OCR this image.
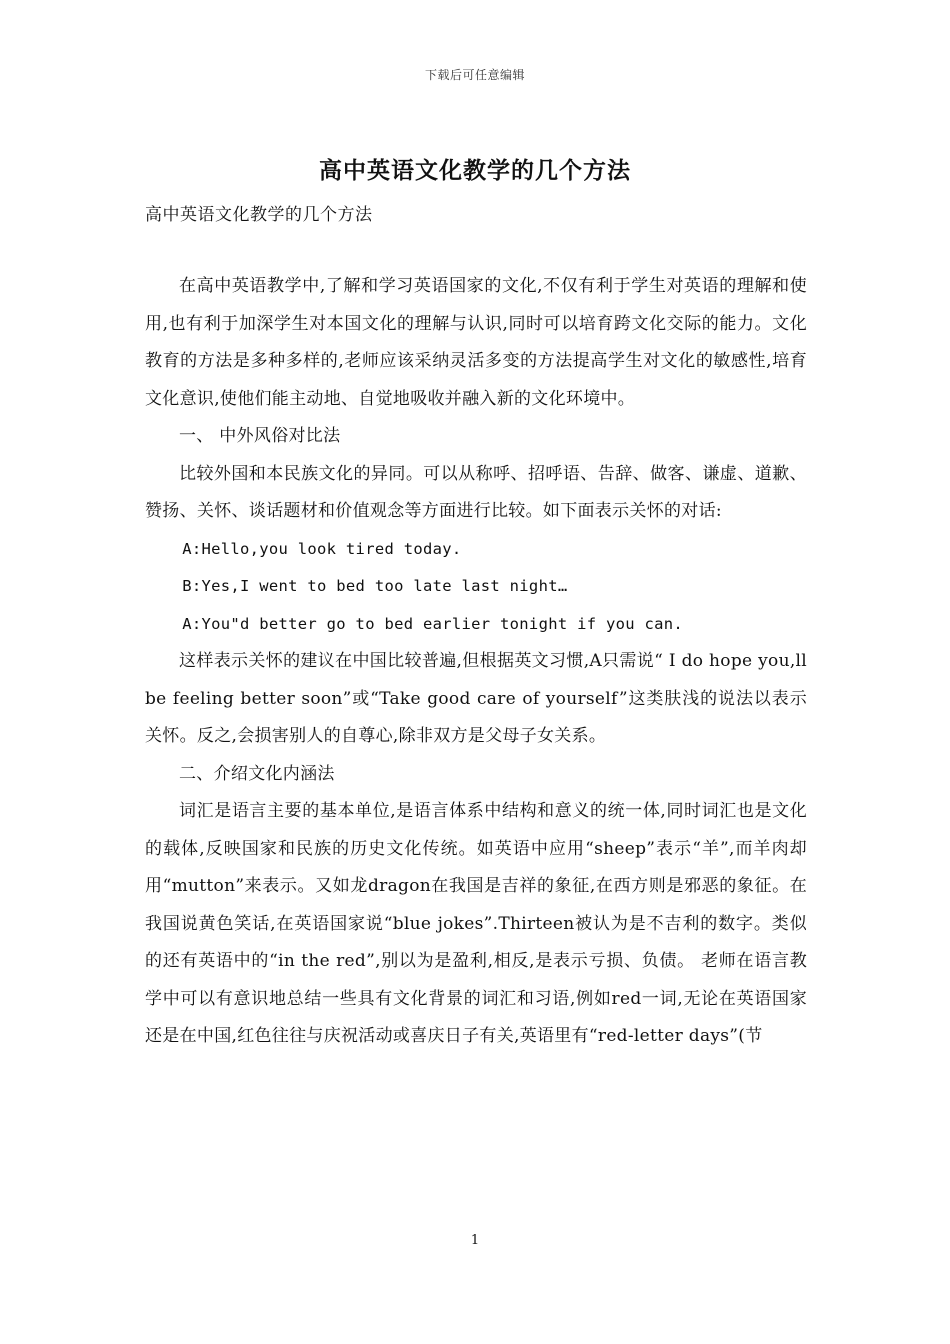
下载后可任意编辑
高中英语文化教学的几个方法
高中英语文化教学的几个方法

在高中英语教学中,了解和学习英语国家的文化,不仅有利于学生对英语的理解和使用,也有利于加深学生对本国文化的理解与认识,同时可以培育跨文化交际的能力。文化教育的方法是多种多样的,老师应该采纳灵活多变的方法提高学生对文化的敏感性,培育文化意识,使他们能主动地、自觉地吸收并融入新的文化环境中。

一、 中外风俗对比法

比较外国和本民族文化的异同。可以从称呼、招呼语、告辞、做客、谦虚、道歉、赞扬、关怀、谈话题材和价值观念等方面进行比较。如下面表示关怀的对话:

A:Hello,you look tired today.

B:Yes,I went to bed too late last night…

A:You"d better go to bed earlier tonight if you can.

这样表示关怀的建议在中国比较普遍,但根据英文习惯,A只需说“ I do hope you,ll be feeling better soon”或“Take good care of yourself”这类肤浅的说法以表示关怀。反之,会损害别人的自尊心,除非双方是父母子女关系。

二、介绍文化内涵法

词汇是语言主要的基本单位,是语言体系中结构和意义的统一体,同时词汇也是文化的载体,反映国家和民族的历史文化传统。如英语中应用“sheep”表示“羊”,而羊肉却用“mutton”来表示。又如龙dragon在我国是吉祥的象征,在西方则是邪恶的象征。在我国说黄色笑话,在英语国家说“blue jokes”.Thirteen被认为是不吉利的数字。类似的还有英语中的“in the red”,别以为是盈利,相反,是表示亏损、负债。 老师在语言教学中可以有意识地总结一些具有文化背景的词汇和习语,例如red一词,无论在英语国家还是在中国,红色往往与庆祝活动或喜庆日子有关,英语里有“red-letter days”(节

1
